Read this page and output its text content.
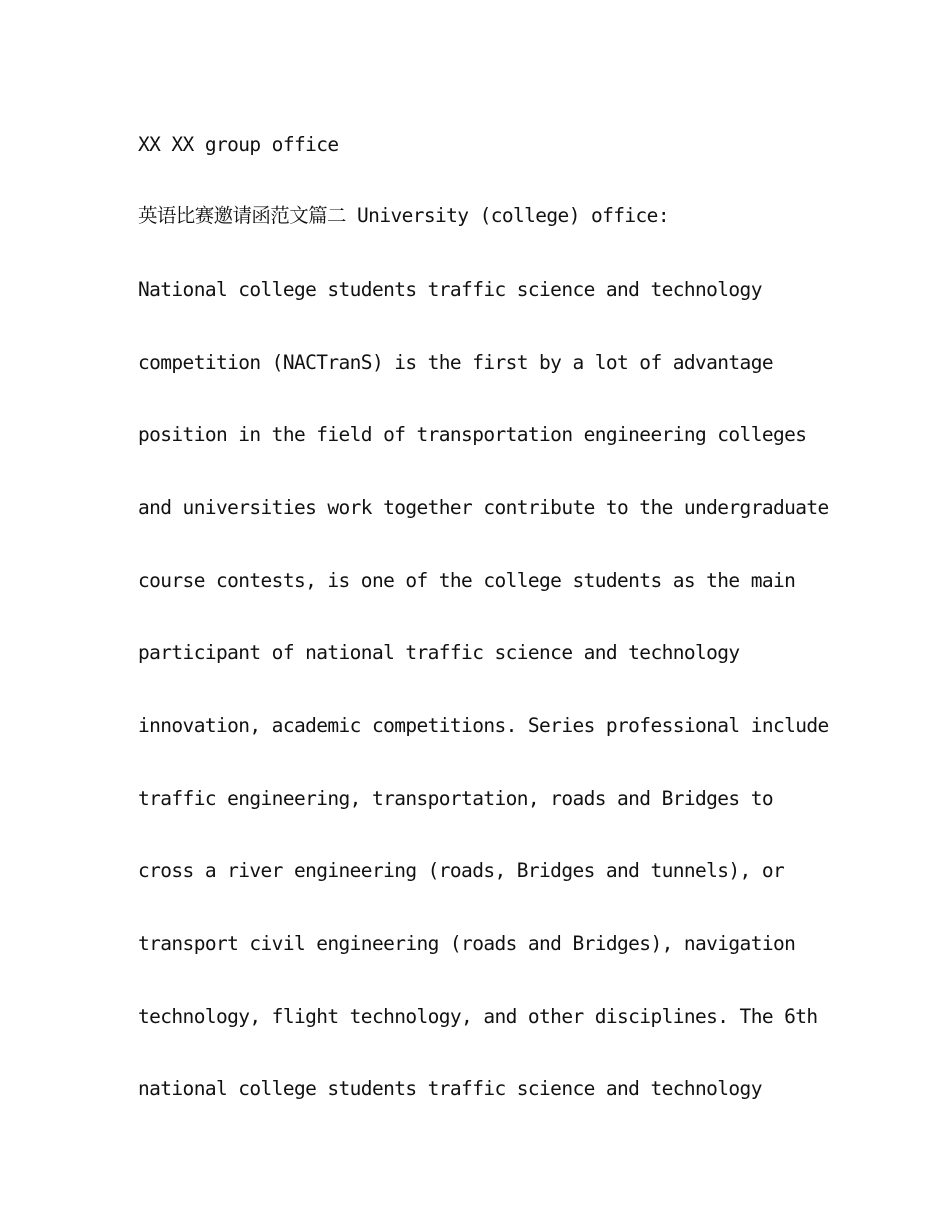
XX XX group office

英语比赛邀请函范文篇二 University (college) office:

National college students traffic science and technology

competition (NACTranS) is the first by a lot of advantage

position in the field of transportation engineering colleges

and universities work together contribute to the undergraduate

course contests, is one of the college students as the main

participant of national traffic science and technology

innovation, academic competitions. Series professional include

traffic engineering, transportation, roads and Bridges to

cross a river engineering (roads, Bridges and tunnels), or

transport civil engineering (roads and Bridges), navigation

technology, flight technology, and other disciplines. The 6th

national college students traffic science and technology
